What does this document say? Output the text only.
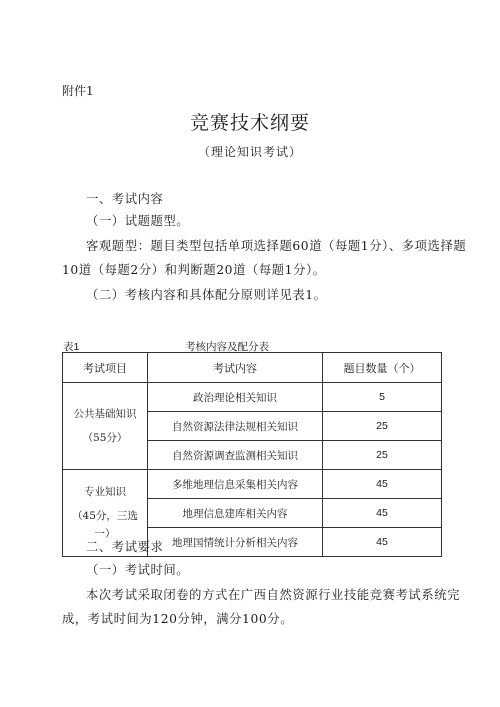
附件1
竞赛技术纲要
（理论知识考试）
一、考试内容
（一）试题题型。
客观题型：题目类型包括单项选择题60道（每题1分）、多项选择题
10道（每题2分）和判断题20道（每题1分）。
（二）考核内容和具体配分原则详见表1。
表1	考核内容及配分表
考试项目	考试内容	题目数量（个）

公共基础知识
（55分）	政治理论相关知识	5
	自然资源法律法规相关知识	25
	自然资源调查监测相关知识	25

专业知识
（45分，三选
一）	多维地理信息采集相关内容	45
	地理信息建库相关内容	45
	地理国情统计分析相关内容	45
二、考试要求
（一）考试时间。
本次考试采取闭卷的方式在广西自然资源行业技能竞赛考试系统完
成，考试时间为120分钟，满分100分。
